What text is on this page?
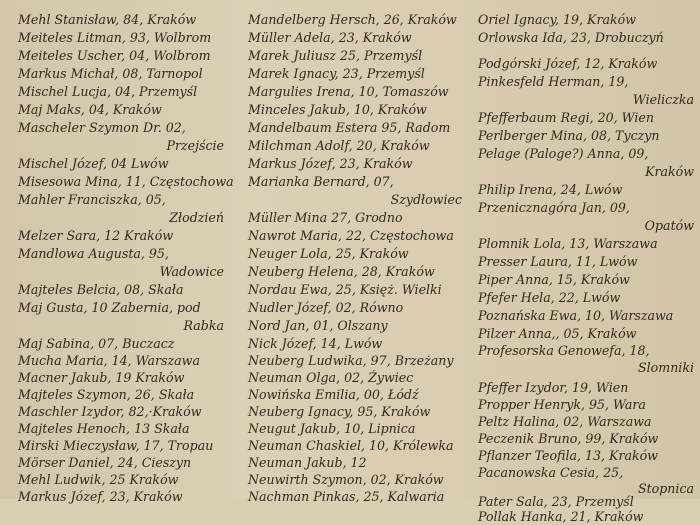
Mehl Stanisław, 84, Kraków
Meiteles Litman, 93, Wolbrom
Meiteles Uscher, 04, Wolbrom
Markus Michał, 08, Tarnopol
Mischel Lucja, 04, Przemyśl
Maj Maks, 04, Kraków
Mascheler Szymon Dr. 02,
Przejście
Mischel Józef, 04 Lwów
Misesowa Mina, 11, Częstochowa
Mahler Franciszka, 05,
Złodzień
Melzer Sara, 12 Kraków
Mandlowa Augusta, 95,
Wadowice
Majteles Belcia, 08, Skała
Maj Gusta, 10 Zabernia, pod
Rabka
Maj Sabina, 07, Buczacz
Mucha Maria, 14, Warszawa
Macner Jakub, 19 Kraków
Majteles Szymon, 26, Skała
Maschler Izydor, 82,·Kraków
Majteles Henoch, 13 Skała
Mirski Mieczysław, 17, Tropau
Mörser Daniel, 24, Cieszyn
Mehl Ludwik, 25 Kraków
Markus Józef, 23, Kraków
Mandelberg Hersch, 26, Kraków
Müller Adela, 23, Kraków
Marek Juliusz 25, Przemyśl
Marek Ignacy, 23, Przemyśl
Margulies Irena, 10, Tomaszów
Minceles Jakub, 10, Kraków
Mandelbaum Estera 95, Radom
Milchman Adolf, 20, Kraków
Markus Józef, 23, Kraków
Marianka Bernard, 07,
Szydłowiec
Müller Mina 27, Grodno
Nawrot Maria, 22, Częstochowa
Neuger Lola, 25, Kraków
Neuberg Helena, 28, Kraków
Nordau Ewa, 25, Księż. Wielki
Nudler Józef, 02, Równo
Nord Jan, 01, Olszany
Nick Józef, 14, Lwów
Neuberg Ludwika, 97, Brzeżany
Neuman Olga, 02, Żywiec
Nowińska Emilia, 00, Łódź
Neuberg Ignacy, 95, Kraków
Neugut Jakub, 10, Lipnica
Neuman Chaskiel, 10, Królewka
Neuman Jakub, 12
Neuwirth Szymon, 02, Kraków
Nachman Pinkas, 25, Kalwaria
Oriel Ignacy, 19, Kraków
Orlowska Ida, 23, Drobuczyń
Podgórski Józef, 12, Kraków
Pinkesfeld Herman, 19,
Wieliczka
Pfefferbaum Regi, 20, Wien
Perlberger Mina, 08, Tyczyn
Pelage (Paloge?) Anna, 09,
Kraków
Philip Irena, 24, Lwów
Przenicznagóra Jan, 09,
Opatów
Plomnik Lola, 13, Warszawa
Presser Laura, 11, Lwów
Piper Anna, 15, Kraków
Pfefer Hela, 22, Lwów
Poznańska Ewa, 10, Warszawa
Pilzer Anna,, 05, Kraków
Profesorska Genowefa, 18,
Slomniki
Pfeffer Izydor, 19, Wien
Propper Henryk, 95, Wara
Peltz Halina, 02, Warszawa
Peczenik Bruno, 99, Kraków
Pflanzer Teofila, 13, Kraków
Pacanowska Cesia, 25,
Stopnica
Pater Sala, 23, Przemyśl
Pollak Hanka, 21, Kraków
